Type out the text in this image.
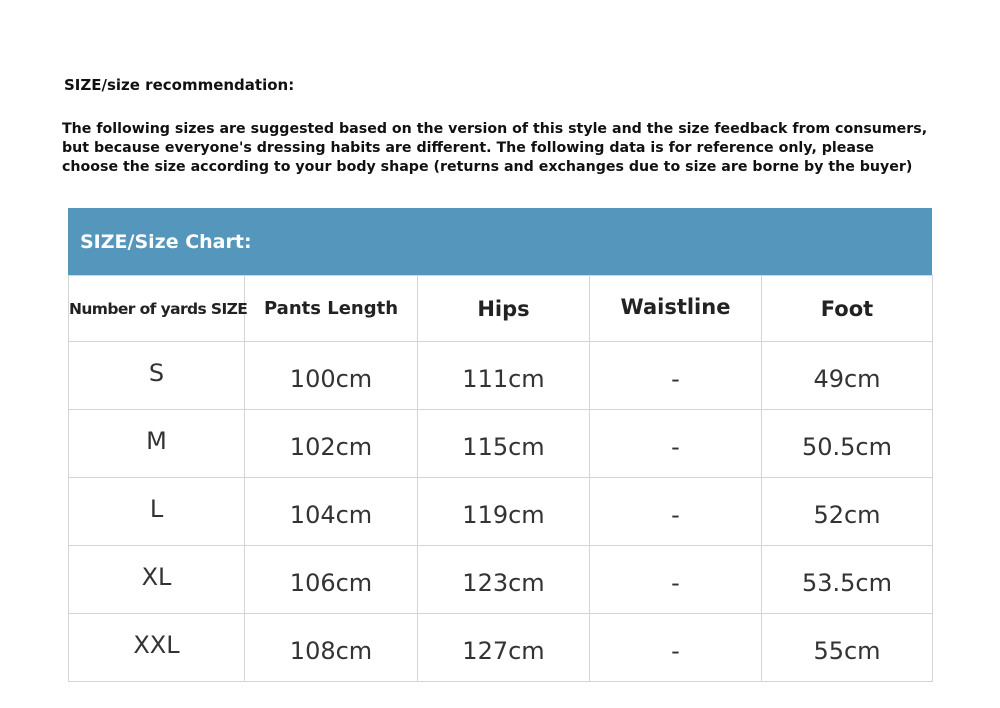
SIZE/size recommendation:
The following sizes are suggested based on the version of this style and the size feedback from consumers,
but because everyone's dressing habits are different. The following data is for reference only, please
choose the size according to your body shape (returns and exchanges due to size are borne by the buyer)
SIZE/Size Chart:
Number of yards SIZE	Pants Length	Hips	Waistline	Foot
S	100cm	111cm	-	49cm
M	102cm	115cm	-	50.5cm
L	104cm	119cm	-	52cm
XL	106cm	123cm	-	53.5cm
XXL	108cm	127cm	-	55cm
